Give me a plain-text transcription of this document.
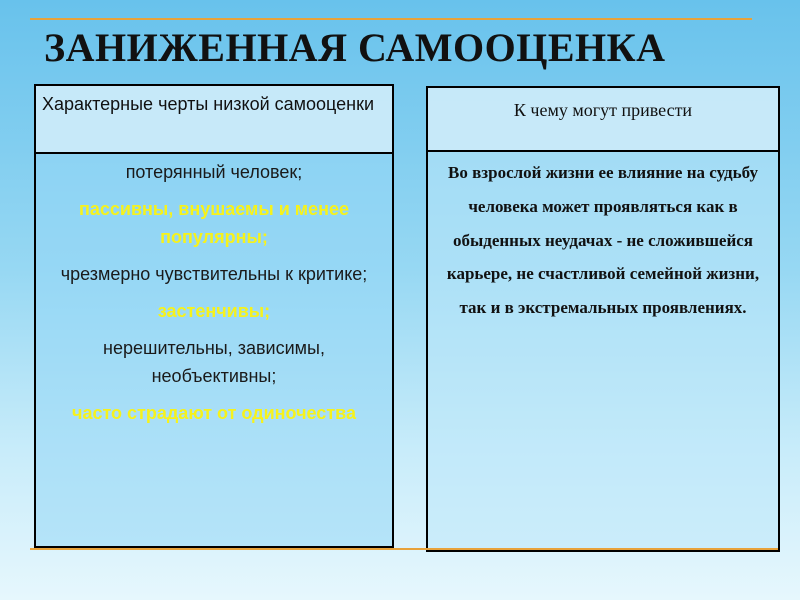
ЗАНИЖЕННАЯ САМООЦЕНКА
Характерные черты низкой самооценки
потерянный человек;
пассивны, внушаемы и менее популярны;
чрезмерно чувствительны к критике;
застенчивы;
нерешительны, зависимы, необъективны;
часто страдают от одиночества
К чему могут привести
Во взрослой жизни ее влияние на судьбу человека может проявляться как в обыденных неудачах - не сложившейся карьере, не счастливой семейной жизни, так и в экстремальных проявлениях.
